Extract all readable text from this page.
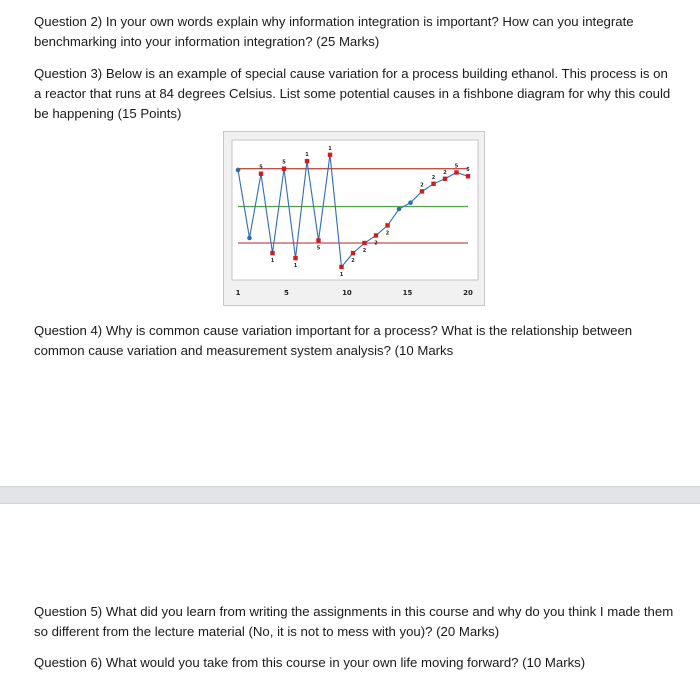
Question 2) In your own words explain why information integration is important? How can you integrate benchmarking into your information integration? (25 Marks)

Question 3) Below is an example of special cause variation for a process building ethanol. This process is on a reactor that runs at 84 degrees Celsius. List some potential causes in a fishbone diagram for why this could be happening (15 Points)

5
1
5
1
1
5
1
1
2
2
2
2
2
2
2
5
5
1	5	10	15	20

Question 4) Why is common cause variation important for a process? What is the relationship between common cause variation and measurement system analysis? (10 Marks

Question 5) What did you learn from writing the assignments in this course and why do you think I made them so different from the lecture material (No, it is not to mess with you)? (20 Marks)

Question 6) What would you take from this course in your own life moving forward? (10 Marks)
